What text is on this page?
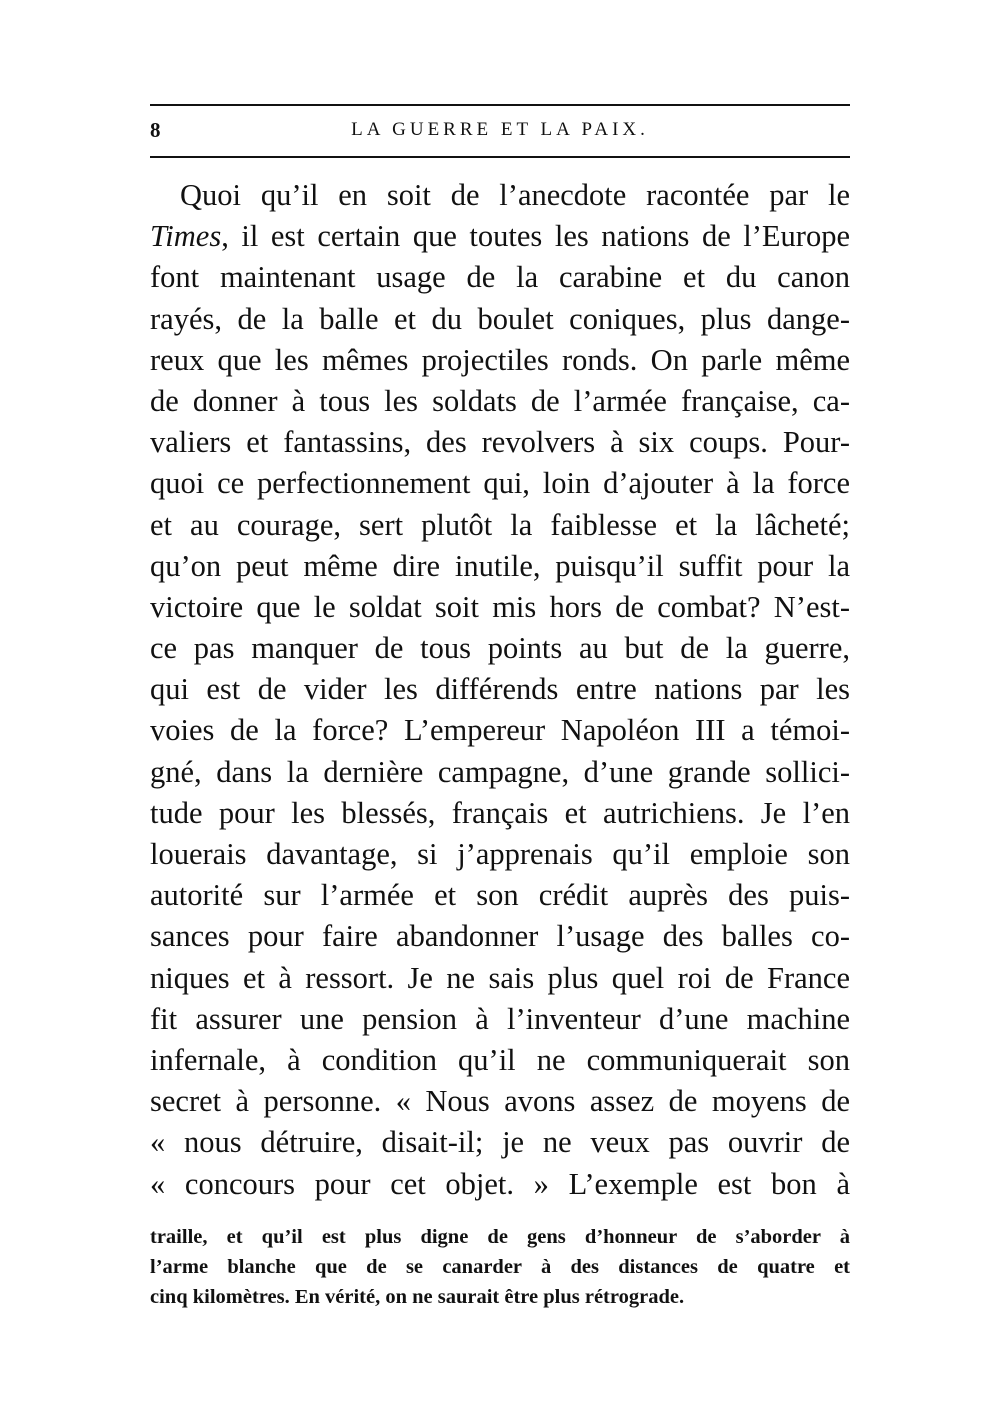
8	LA GUERRE ET LA PAIX.
Quoi qu’il en soit de l’anecdote racontée par le
Times, il est certain que toutes les nations de l’Europe
font maintenant usage de la carabine et du canon
rayés, de la balle et du boulet coniques, plus dange-
reux que les mêmes projectiles ronds. On parle même
de donner à tous les soldats de l’armée française, ca-
valiers et fantassins, des revolvers à six coups. Pour-
quoi ce perfectionnement qui, loin d’ajouter à la force
et au courage, sert plutôt la faiblesse et la lâcheté;
qu’on peut même dire inutile, puisqu’il suffit pour la
victoire que le soldat soit mis hors de combat? N’est-
ce pas manquer de tous points au but de la guerre,
qui est de vider les différends entre nations par les
voies de la force? L’empereur Napoléon III a témoi-
gné, dans la dernière campagne, d’une grande sollici-
tude pour les blessés, français et autrichiens. Je l’en
louerais davantage, si j’apprenais qu’il emploie son
autorité sur l’armée et son crédit auprès des puis-
sances pour faire abandonner l’usage des balles co-
niques et à ressort. Je ne sais plus quel roi de France
fit assurer une pension à l’inventeur d’une machine
infernale, à condition qu’il ne communiquerait son
secret à personne. « Nous avons assez de moyens de
« nous détruire, disait-il; je ne veux pas ouvrir de
« concours pour cet objet. » L’exemple est bon à
traille, et qu’il est plus digne de gens d’honneur de s’aborder à
l’arme blanche que de se canarder à des distances de quatre et
cinq kilomètres. En vérité, on ne saurait être plus rétrograde.
